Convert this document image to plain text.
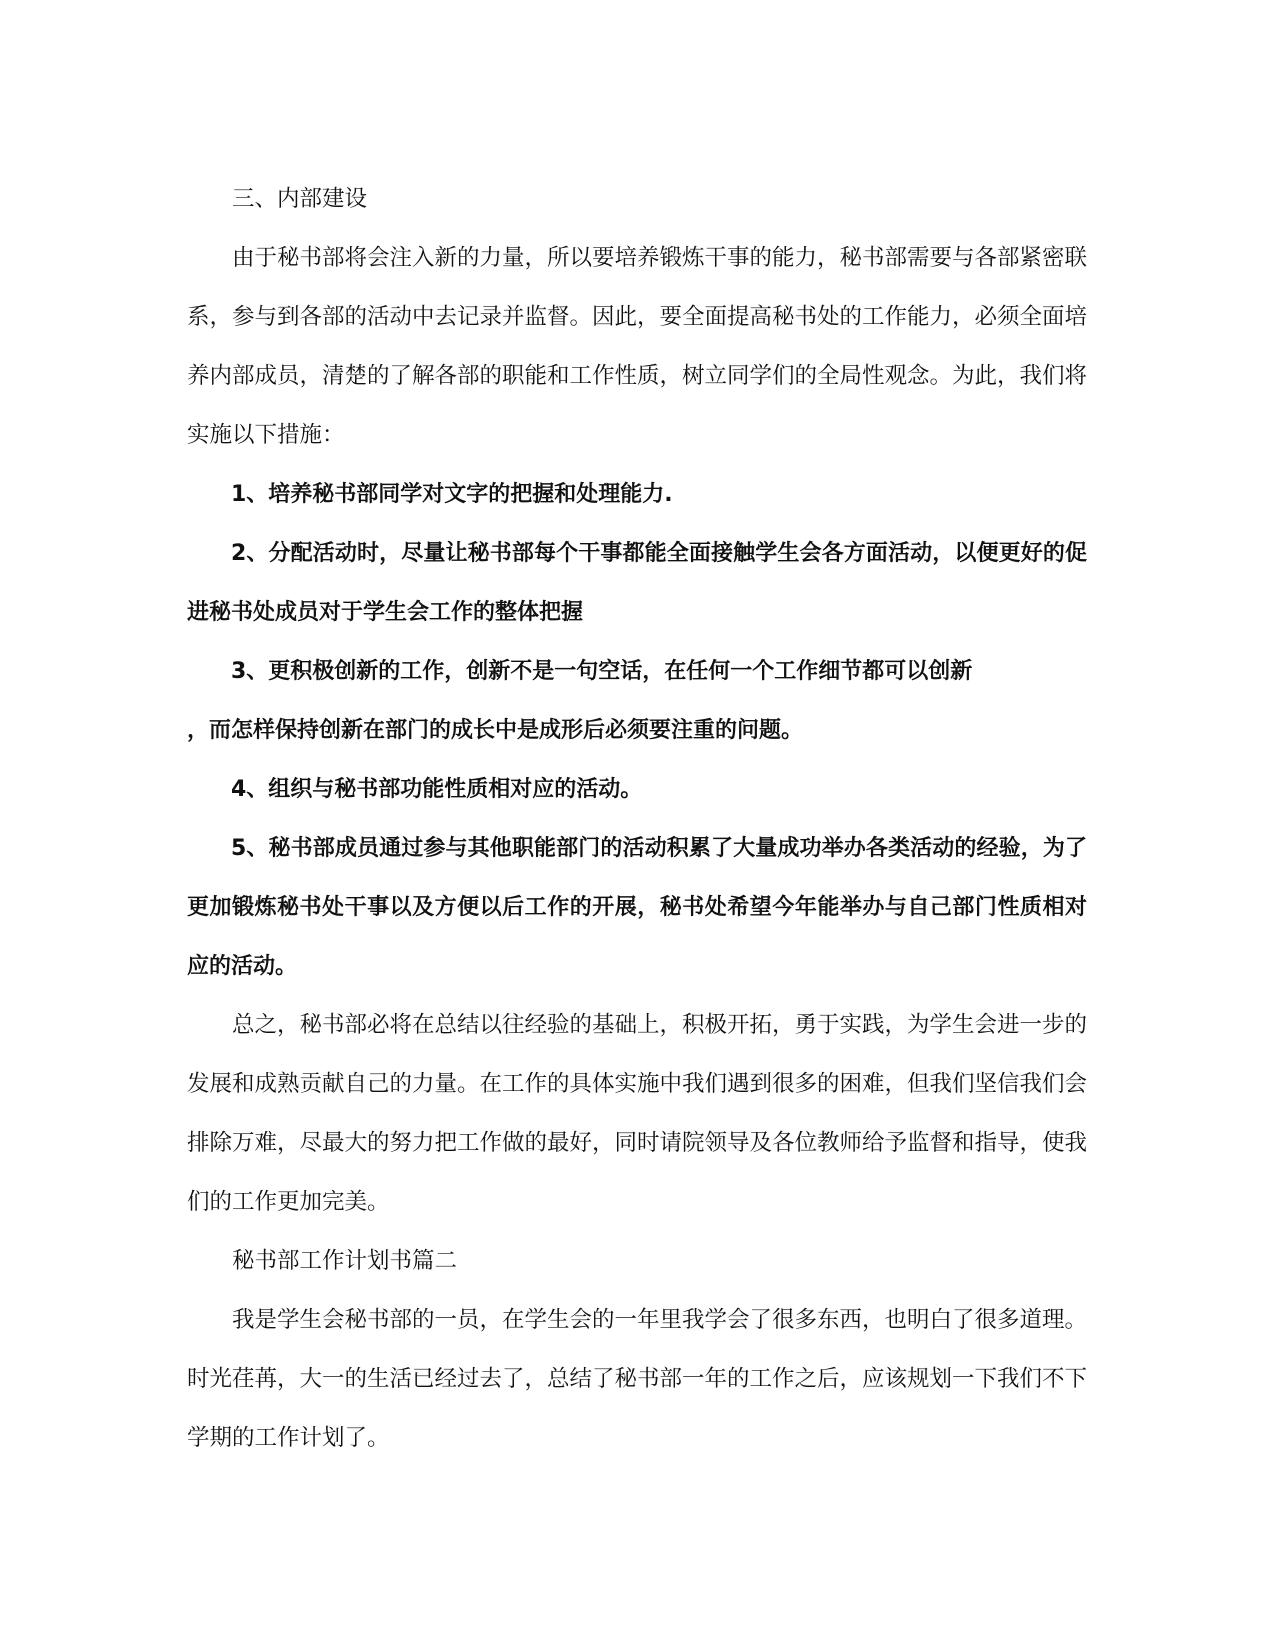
三、内部建设

由于秘书部将会注入新的力量，所以要培养锻炼干事的能力，秘书部需要与各部紧密联系，参与到各部的活动中去记录并监督。因此，要全面提高秘书处的工作能力，必须全面培养内部成员，清楚的了解各部的职能和工作性质，树立同学们的全局性观念。为此，我们将实施以下措施：

1、培养秘书部同学对文字的把握和处理能力.

2、分配活动时，尽量让秘书部每个干事都能全面接触学生会各方面活动，以便更好的促进秘书处成员对于学生会工作的整体把握

3、更积极创新的工作，创新不是一句空话，在任何一个工作细节都可以创新

，而怎样保持创新在部门的成长中是成形后必须要注重的问题。

4、组织与秘书部功能性质相对应的活动。

5、秘书部成员通过参与其他职能部门的活动积累了大量成功举办各类活动的经验，为了更加锻炼秘书处干事以及方便以后工作的开展，秘书处希望今年能举办与自己部门性质相对应的活动。

总之，秘书部必将在总结以往经验的基础上，积极开拓，勇于实践，为学生会进一步的发展和成熟贡献自己的力量。在工作的具体实施中我们遇到很多的困难，但我们坚信我们会排除万难，尽最大的努力把工作做的最好，同时请院领导及各位教师给予监督和指导，使我们的工作更加完美。

秘书部工作计划书篇二

我是学生会秘书部的一员，在学生会的一年里我学会了很多东西，也明白了很多道理。时光荏苒，大一的生活已经过去了，总结了秘书部一年的工作之后，应该规划一下我们不下学期的工作计划了。
